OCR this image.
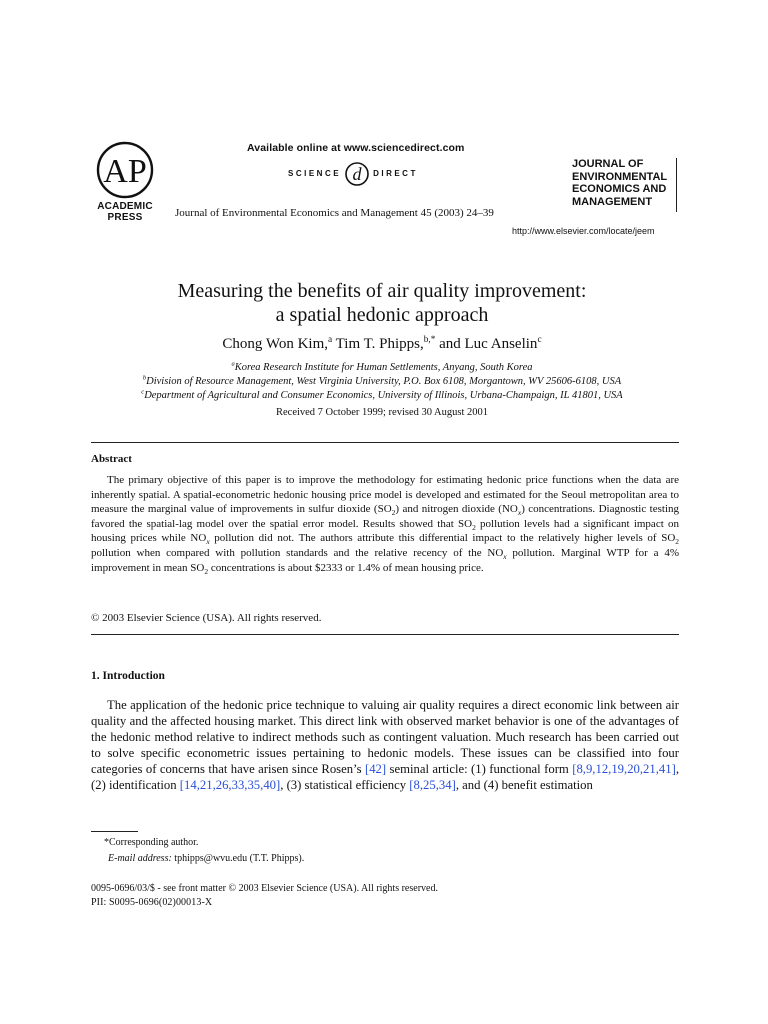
AP
ACADEMIC
PRESS
Available online at www.sciencedirect.com
SCIENCE d DIRECT
Journal of Environmental Economics and Management 45 (2003) 24–39
JOURNAL OF
ENVIRONMENTAL
ECONOMICS AND
MANAGEMENT
http://www.elsevier.com/locate/jeem
Measuring the benefits of air quality improvement:
a spatial hedonic approach
Chong Won Kim,$^a$ Tim T. Phipps,$^{b,*}$ and Luc Anselin$^c$
$^a$Korea Research Institute for Human Settlements, Anyang, South Korea
$^b$Division of Resource Management, West Virginia University, P.O. Box 6108, Morgantown, WV 25606-6108, USA
$^c$Department of Agricultural and Consumer Economics, University of Illinois, Urbana-Champaign, IL 41801, USA
Received 7 October 1999; revised 30 August 2001
Abstract
The primary objective of this paper is to improve the methodology for estimating hedonic price functions when the data are inherently spatial. A spatial-econometric hedonic housing price model is developed and estimated for the Seoul metropolitan area to measure the marginal value of improvements in sulfur dioxide $(SO_2)$ and nitrogen dioxide $(NO_x)$ concentrations. Diagnostic testing favored the spatial-lag model over the spatial error model. Results showed that $SO_2$ pollution levels had a significant impact on housing prices while $NO_x$ pollution did not. The authors attribute this differential impact to the relatively higher levels of $SO_2$ pollution when compared with pollution standards and the relative recency of the $NO_x$ pollution. Marginal WTP for a 4% improvement in mean $SO_2$ concentrations is about $2333 or 1.4% of mean housing price.
© 2003 Elsevier Science (USA). All rights reserved.
1. Introduction
The application of the hedonic price technique to valuing air quality requires a direct economic link between air quality and the affected housing market. This direct link with observed market behavior is one of the advantages of the hedonic method relative to indirect methods such as contingent valuation. Much research has been carried out to solve specific econometric issues pertaining to hedonic models. These issues can be classified into four categories of concerns that have arisen since Rosen’s [42] seminal article: (1) functional form [8,9,12,19,20,21,41], (2) identification [14,21,26,33,35,40], (3) statistical efficiency [8,25,34], and (4) benefit estimation
*Corresponding author.
E-mail address: tphipps@wvu.edu (T.T. Phipps).
0095-0696/03/$ - see front matter © 2003 Elsevier Science (USA). All rights reserved.
PII: S0095-0696(02)00013-X
